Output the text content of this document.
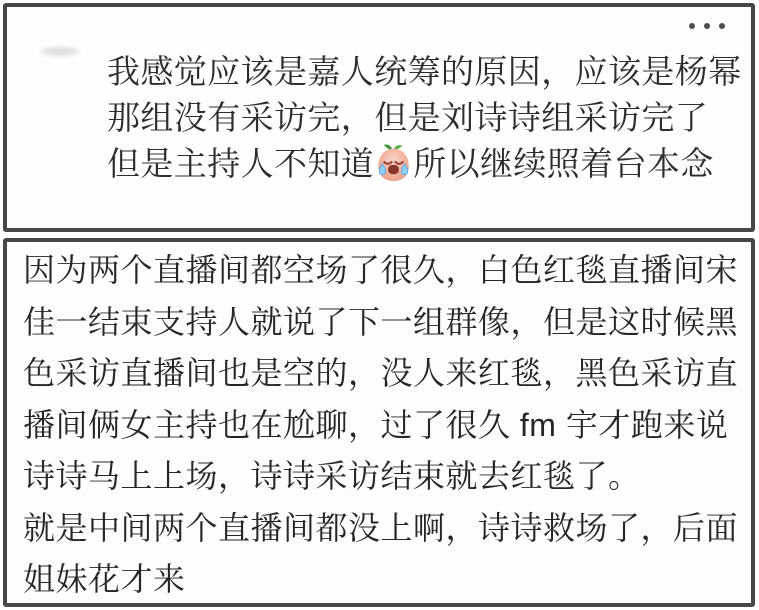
我感觉应该是嘉人统筹的原因，应该是杨幂那组没有采访完，但是刘诗诗组采访完了 但是主持人不知道 所以继续照着台本念

因为两个直播间都空场了很久，白色红毯直播间宋佳一结束支持人就说了下一组群像，但是这时候黑色采访直播间也是空的，没人来红毯，黑色采访直播间俩女主持也在尬聊，过了很久 fm 宇才跑来说诗诗马上上场，诗诗采访结束就去红毯了。

就是中间两个直播间都没上啊，诗诗救场了，后面姐妹花才来
